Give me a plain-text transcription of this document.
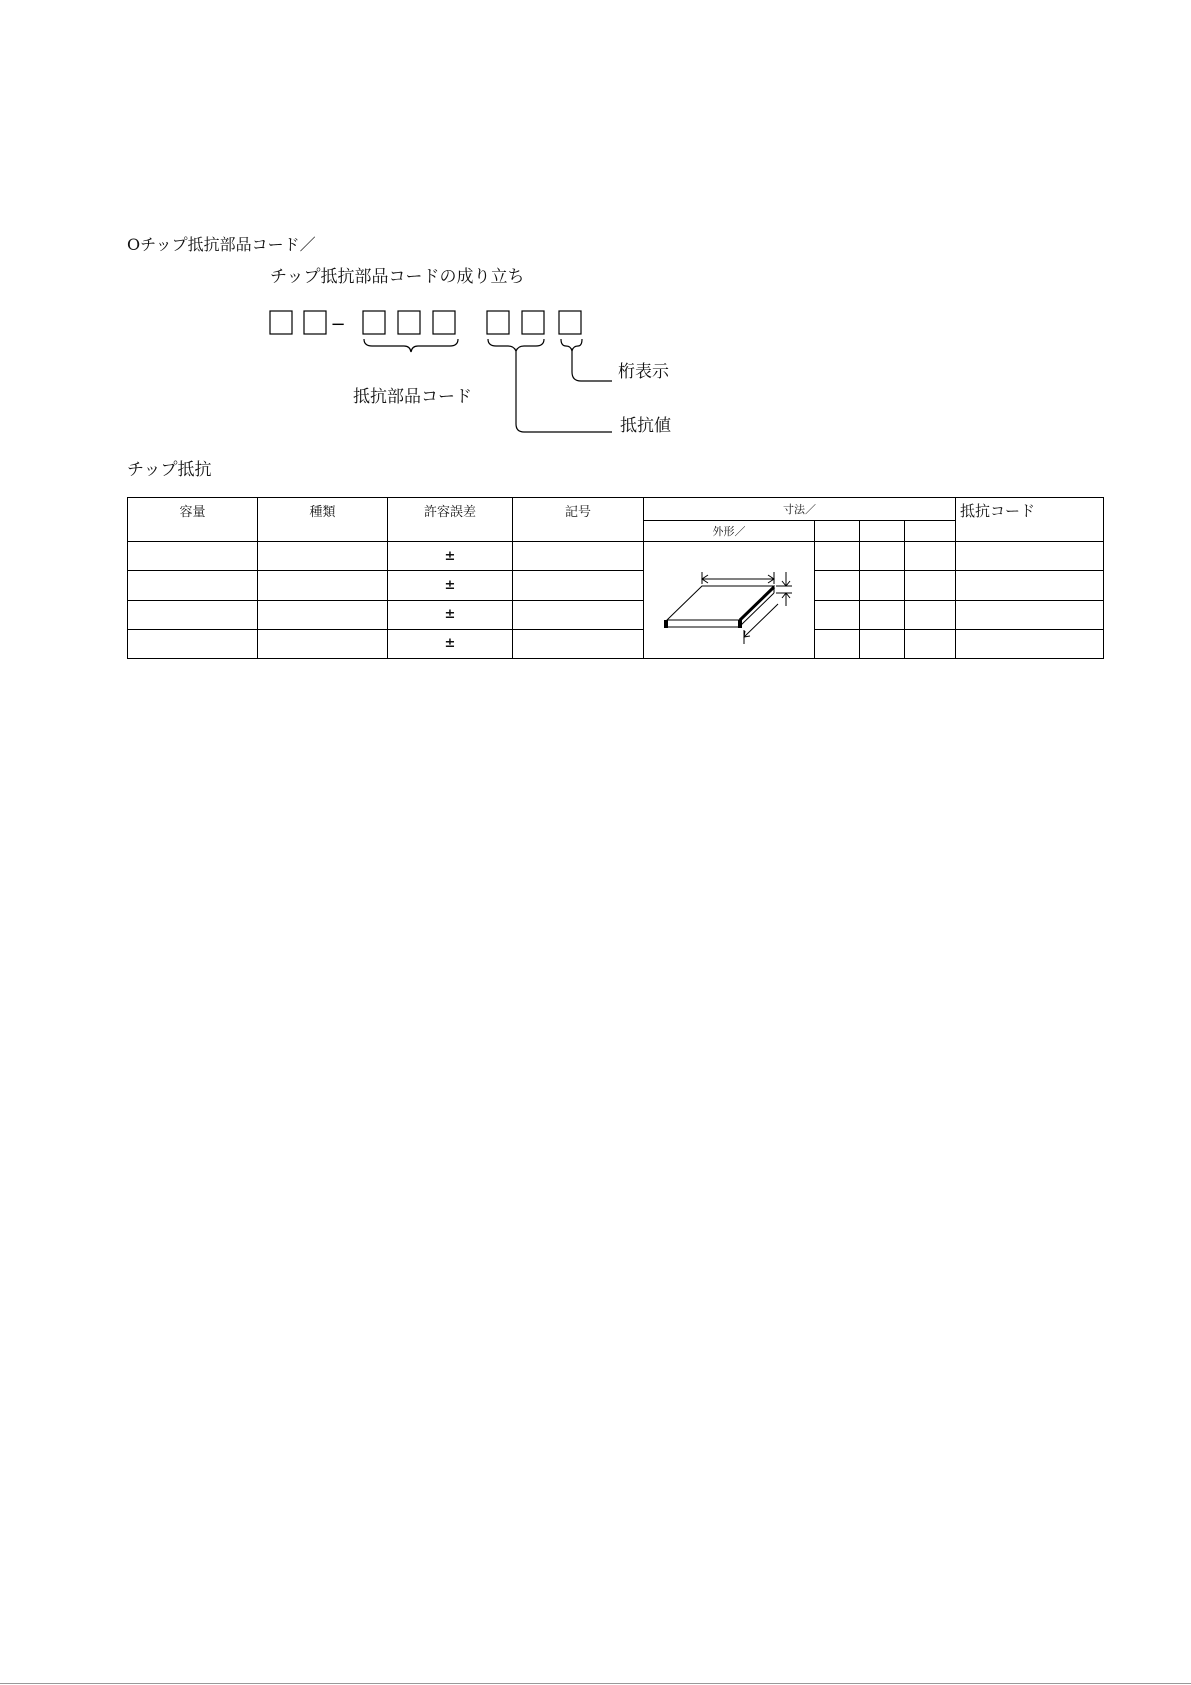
Oチップ抵抗部品コード／
チップ抵抗部品コードの成り立ち
−
桁表示
抵抗部品コード
抵抗値
チップ抵抗
容量	種類	許容誤差	記号	寸法／				抵抗コード
				外形／				
		±						
		±						
		±						
		±						
